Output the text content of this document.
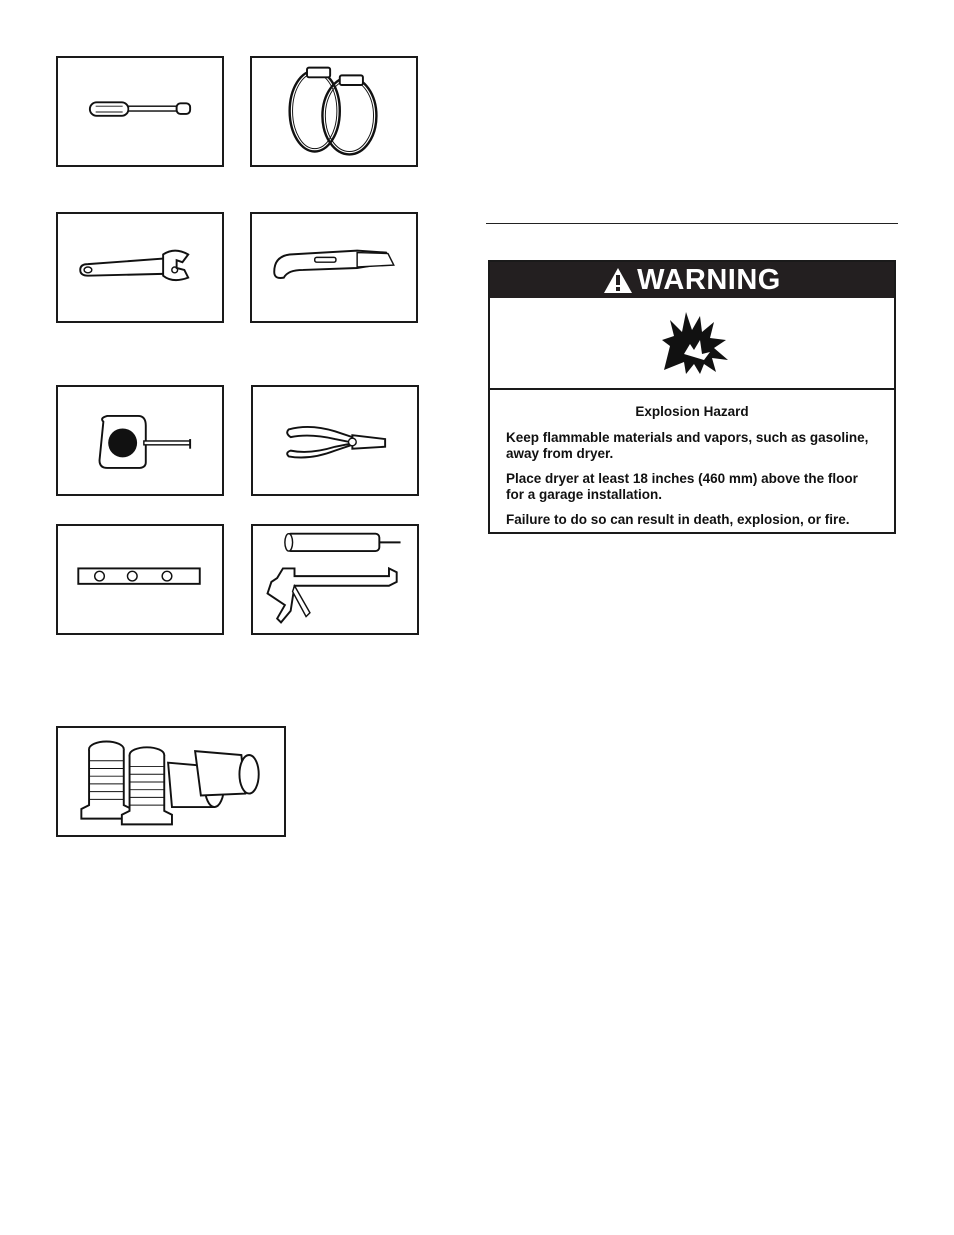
WARNING

Explosion Hazard

Keep flammable materials and vapors, such as gasoline, away from dryer.

Place dryer at least 18 inches (460 mm) above the floor for a garage installation.

Failure to do so can result in death, explosion, or fire.
